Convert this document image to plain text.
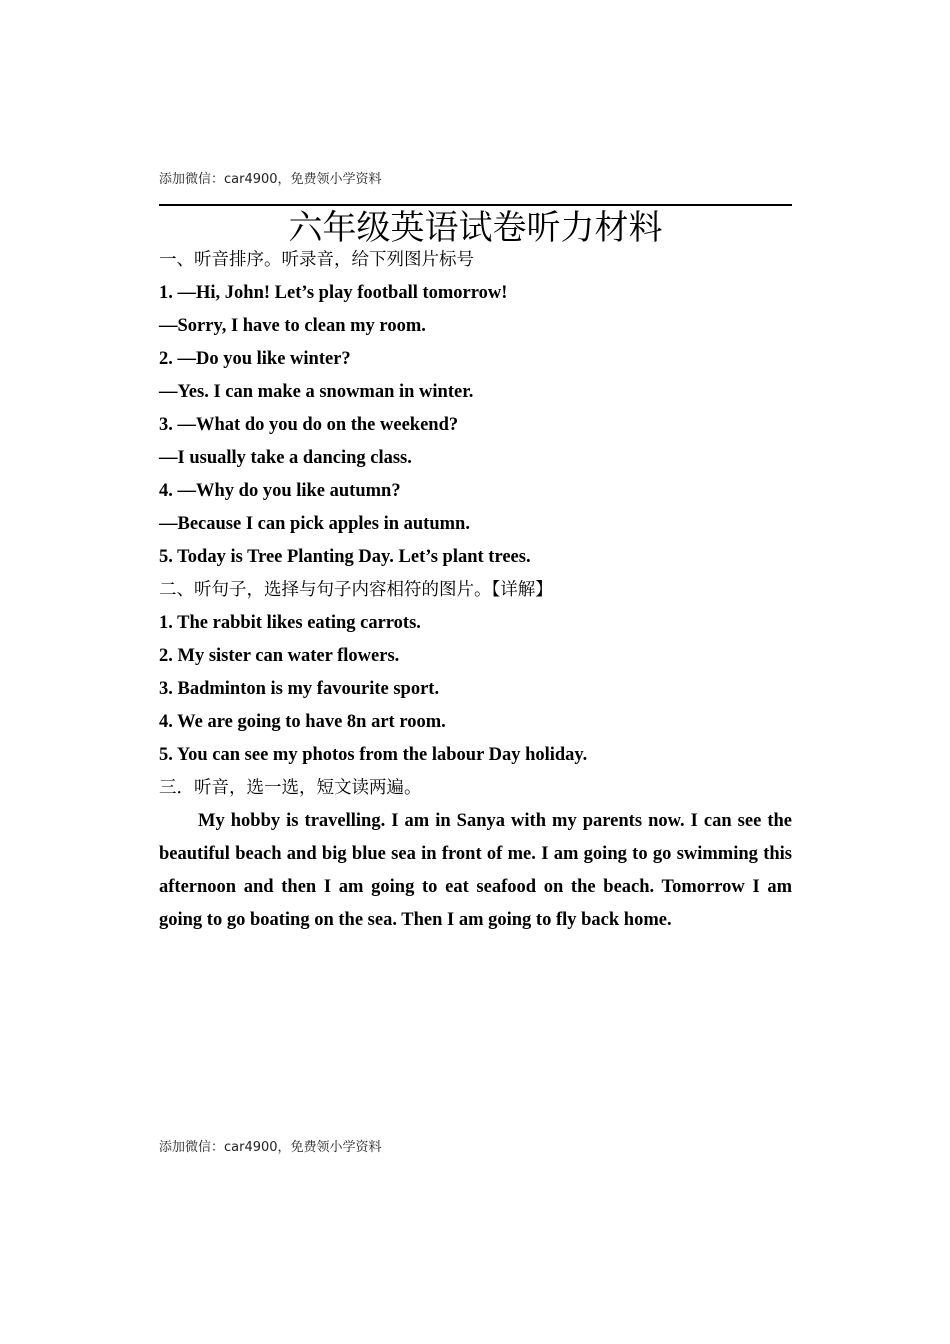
添加微信：car4900，免费领小学资料
六年级英语试卷听力材料
一、听音排序。听录音，给下列图片标号
1. —Hi, John! Let’s play football tomorrow!
—Sorry, I have to clean my room.
2. —Do you like winter?
—Yes. I can make a snowman in winter.
3. —What do you do on the weekend?
—I usually take a dancing class.
4. —Why do you like autumn?
—Because I can pick apples in autumn.
5. Today is Tree Planting Day. Let’s plant trees.
二、听句子，选择与句子内容相符的图片。【详解】
1. The rabbit likes eating carrots.
2. My sister can water flowers.
3. Badminton is my favourite sport.
4. We are going to have 8n art room.
5. You can see my photos from the labour Day holiday.
三．听音，选一选，短文读两遍。
My hobby is travelling. I am in Sanya with my parents now. I can see the beautiful beach and big blue sea in front of me. I am going to go swimming this afternoon and then I am going to eat seafood on the beach. Tomorrow I am going to go boating on the sea. Then I am going to fly back home.
添加微信：car4900，免费领小学资料
